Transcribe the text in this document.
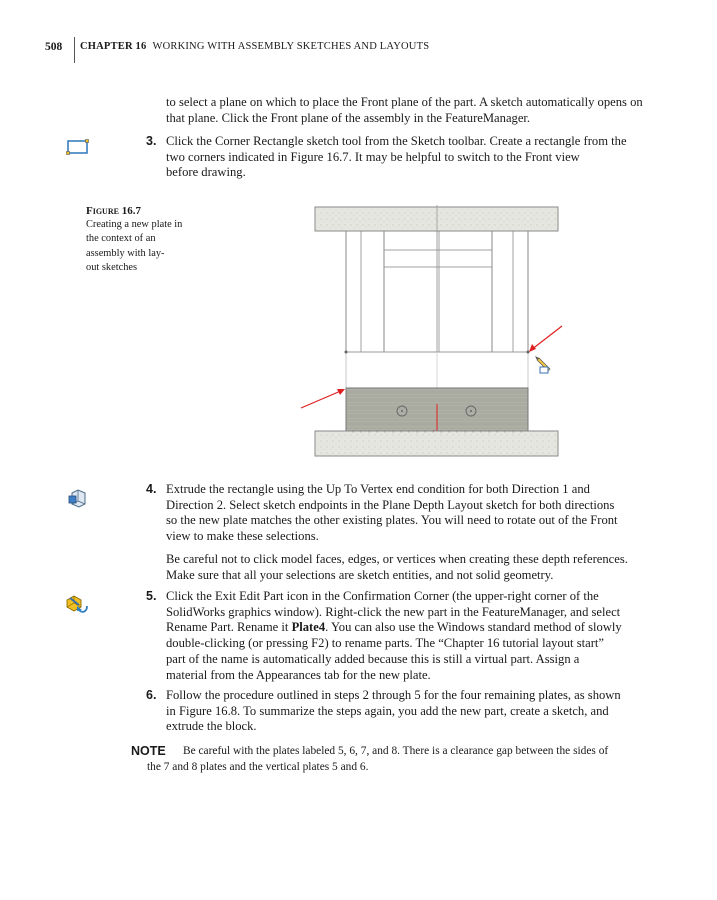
508 CHAPTER 16 WORKING WITH ASSEMBLY SKETCHES AND LAYOUTS

to select a plane on which to place the Front plane of the part. A sketch automatically opens on that plane. Click the Front plane of the assembly in the FeatureManager.

3. Click the Corner Rectangle sketch tool from the Sketch toolbar. Create a rectangle from the

two corners indicated in Figure 16.7. It may be helpful to switch to the Front view

before drawing.

Figure 16.7
Creating a new plate in
the context of an
assembly with lay-
out sketches
4. Extrude the rectangle using the Up To Vertex end condition for both Direction 1 and

Direction 2. Select sketch endpoints in the Plane Depth Layout sketch for both directions

so the new plate matches the other existing plates. You will need to rotate out of the Front

view to make these selections.

Be careful not to click model faces, edges, or vertices when creating these depth references.

Make sure that all your selections are sketch entities, and not solid geometry.

5. Click the Exit Edit Part icon in the Confirmation Corner (the upper-right corner of the

SolidWorks graphics window). Right-click the new part in the FeatureManager, and select

Rename Part. Rename it Plate4. You can also use the Windows standard method of slowly

double-clicking (or pressing F2) to rename parts. The “Chapter 16 tutorial layout start”

part of the name is automatically added because this is still a virtual part. Assign a

material from the Appearances tab for the new plate.

6. Follow the procedure outlined in steps 2 through 5 for the four remaining plates, as shown

in Figure 16.8. To summarize the steps again, you add the new part, create a sketch, and

extrude the block.

NOTE Be careful with the plates labeled 5, 6, 7, and 8. There is a clearance gap between the sides of
the 7 and 8 plates and the vertical plates 5 and 6.
